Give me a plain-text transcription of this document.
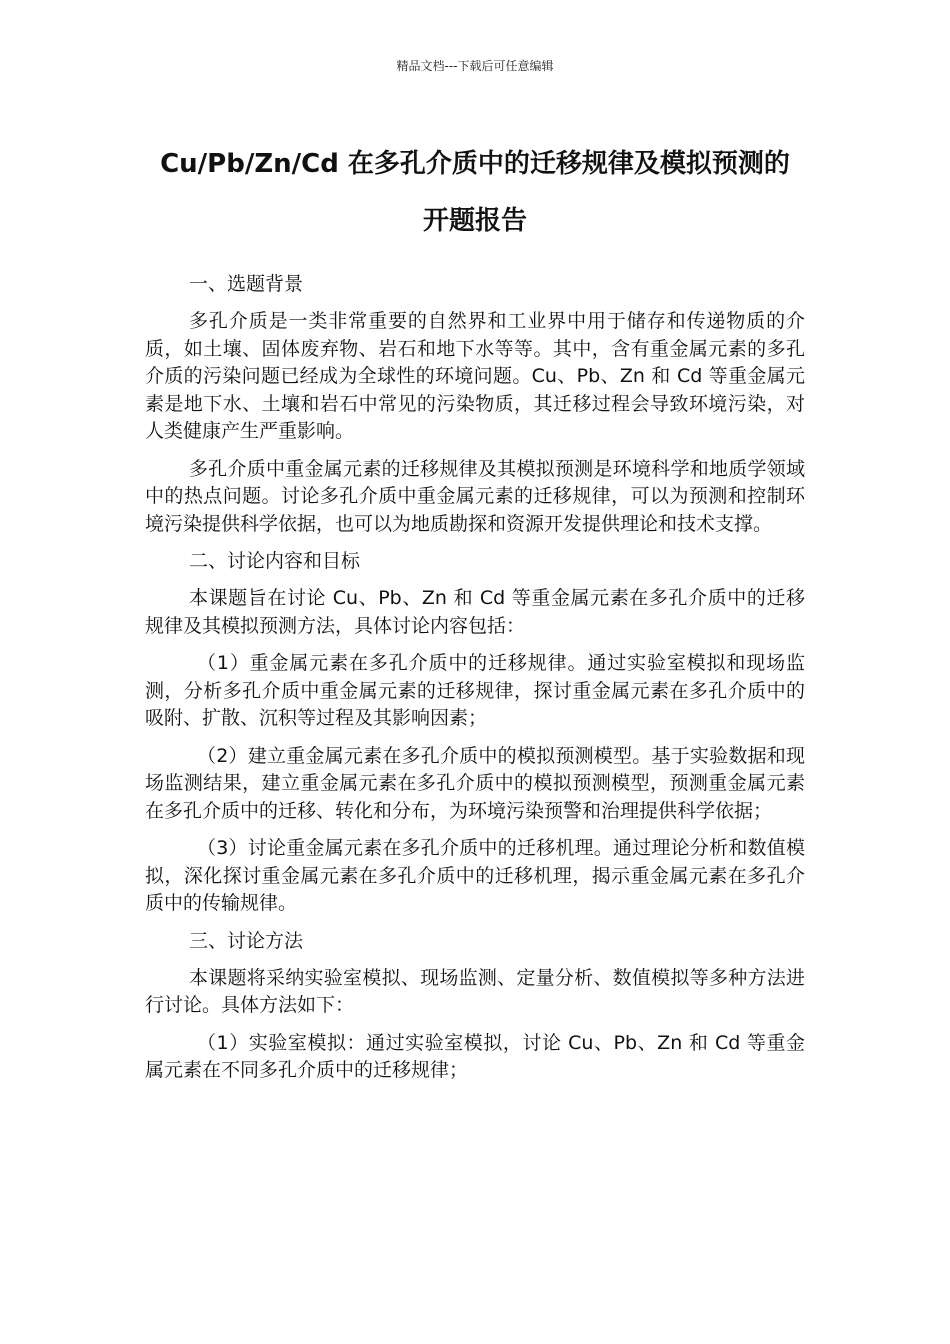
精品文档---下载后可任意编辑
Cu/Pb/Zn/Cd 在多孔介质中的迁移规律及模拟预测的
开题报告

一、选题背景

多孔介质是一类非常重要的自然界和工业界中用于储存和传递物质的介质，如土壤、固体废弃物、岩石和地下水等等。其中，含有重金属元素的多孔介质的污染问题已经成为全球性的环境问题。Cu、Pb、Zn 和 Cd 等重金属元素是地下水、土壤和岩石中常见的污染物质，其迁移过程会导致环境污染，对人类健康产生严重影响。

多孔介质中重金属元素的迁移规律及其模拟预测是环境科学和地质学领域中的热点问题。讨论多孔介质中重金属元素的迁移规律，可以为预测和控制环境污染提供科学依据，也可以为地质勘探和资源开发提供理论和技术支撑。

二、讨论内容和目标

本课题旨在讨论 Cu、Pb、Zn 和 Cd 等重金属元素在多孔介质中的迁移规律及其模拟预测方法，具体讨论内容包括：

（1）重金属元素在多孔介质中的迁移规律。通过实验室模拟和现场监测，分析多孔介质中重金属元素的迁移规律，探讨重金属元素在多孔介质中的吸附、扩散、沉积等过程及其影响因素；

（2）建立重金属元素在多孔介质中的模拟预测模型。基于实验数据和现场监测结果，建立重金属元素在多孔介质中的模拟预测模型，预测重金属元素在多孔介质中的迁移、转化和分布，为环境污染预警和治理提供科学依据；

（3）讨论重金属元素在多孔介质中的迁移机理。通过理论分析和数值模拟，深化探讨重金属元素在多孔介质中的迁移机理，揭示重金属元素在多孔介质中的传输规律。

三、讨论方法

本课题将采纳实验室模拟、现场监测、定量分析、数值模拟等多种方法进行讨论。具体方法如下：

（1）实验室模拟：通过实验室模拟，讨论 Cu、Pb、Zn 和 Cd 等重金属元素在不同多孔介质中的迁移规律；
